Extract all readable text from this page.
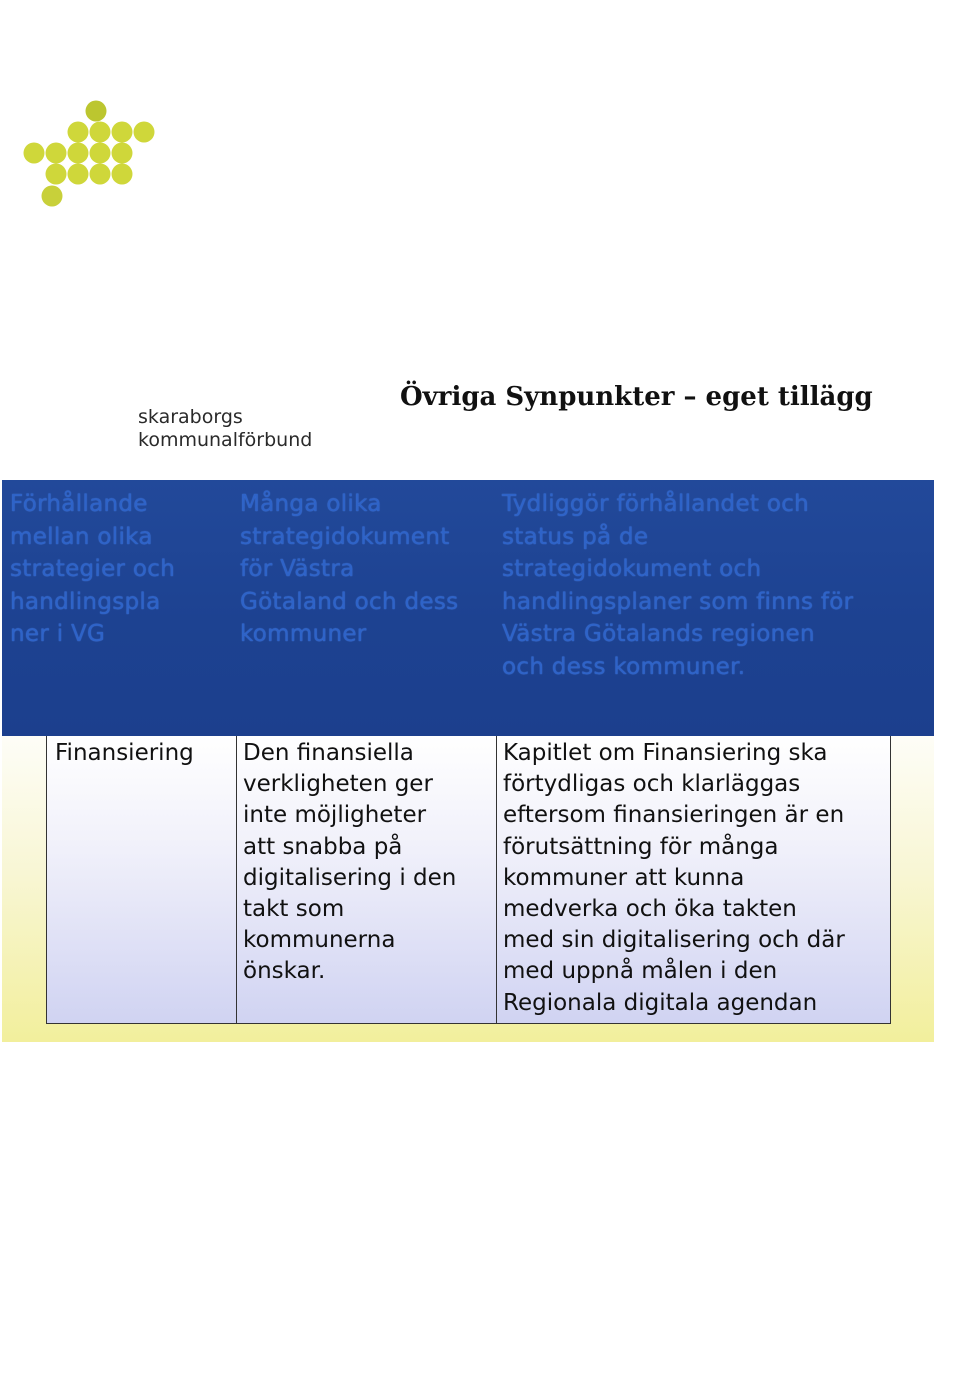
skaraborgs
kommunalförbund
Övriga Synpunkter – eget tillägg
Förhållande
mellan olika
strategier och
handlingspla
ner i VG
Många olika
strategidokument
för Västra
Götaland och dess
kommuner
Tydliggör förhållandet och
status på de
strategidokument och
handlingsplaner som finns för
Västra Götalands regionen
och dess kommuner.
Finansiering	Den finansiella
verkligheten ger
inte möjligheter
att snabba på
digitalisering i den
takt som
kommunerna
önskar.
Kapitlet om Finansiering ska
förtydligas och klarläggas
eftersom finansieringen är en
förutsättning för många
kommuner att kunna
medverka och öka takten
med sin digitalisering och där
med uppnå målen i den
Regionala digitala agendan
